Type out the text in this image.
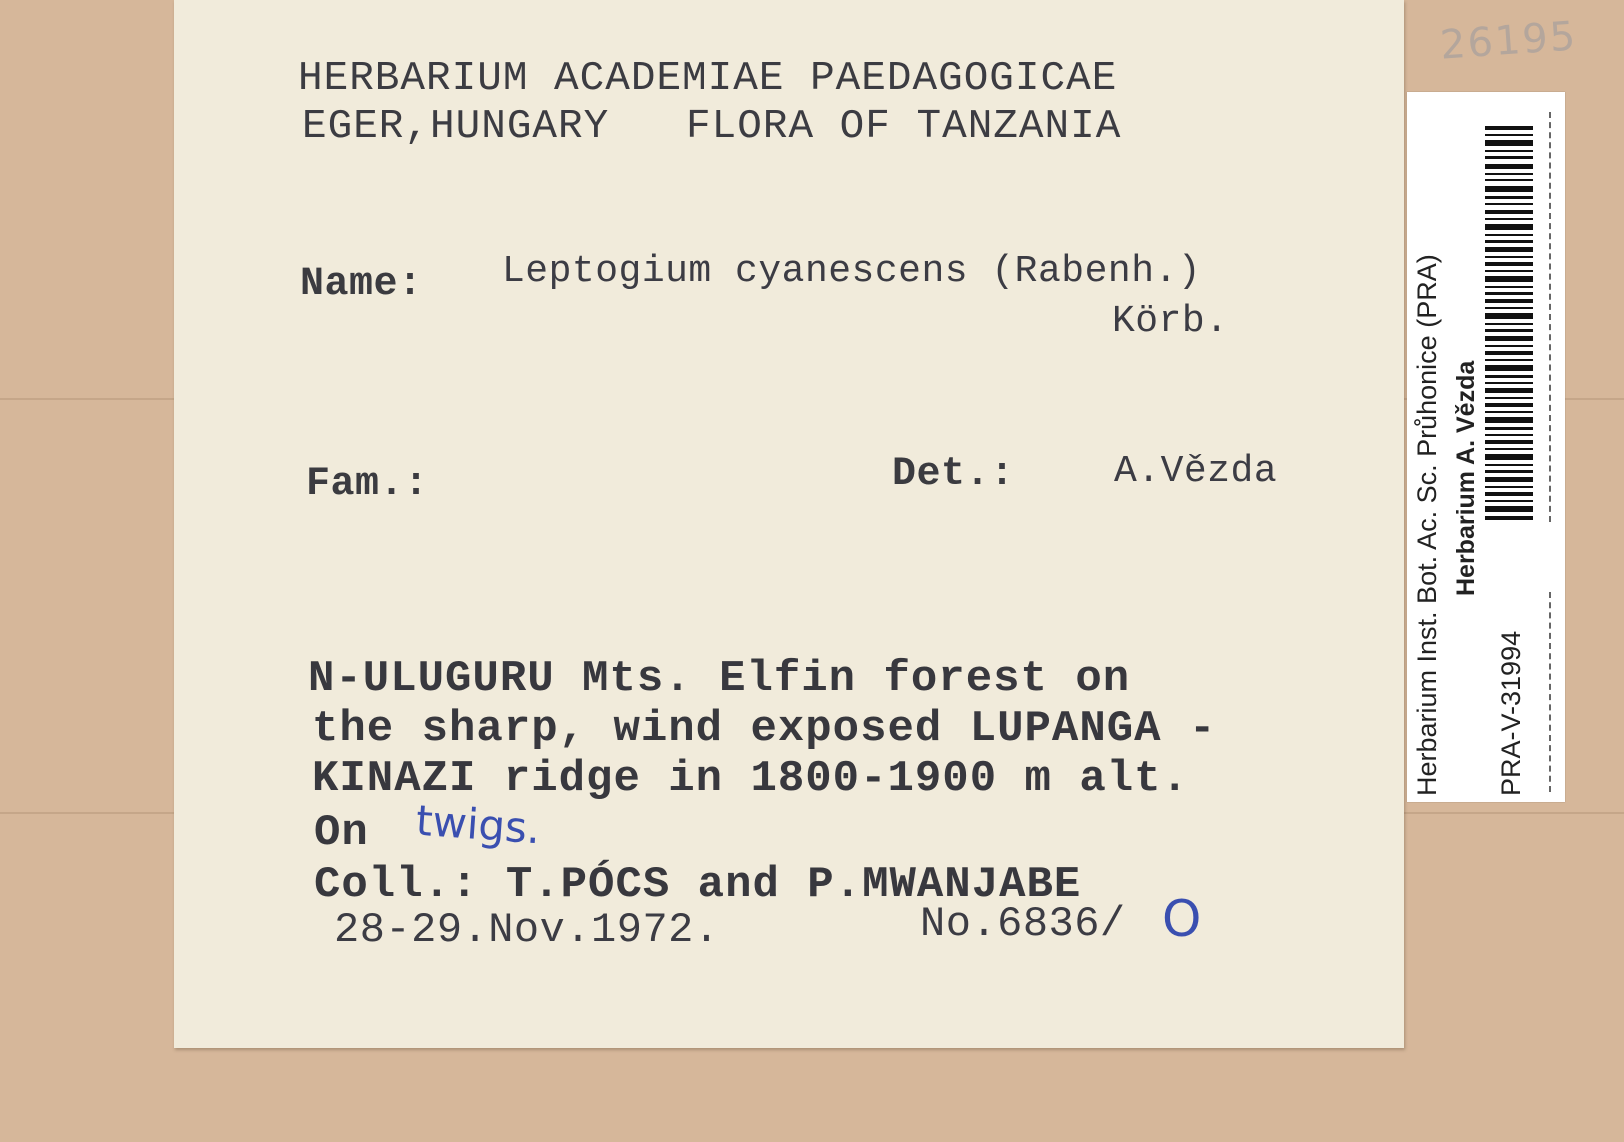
26195
HERBARIUM ACADEMIAE PAEDAGOGICAE
EGER,HUNGARY   FLORA OF TANZANIA
Name: Leptogium cyanescens (Rabenh.)
Körb.
Fam.:	Det.:	A.Vězda
N-ULUGURU Mts. Elfin forest on
the sharp, wind exposed LUPANGA -
KINAZI ridge in 1800-1900 m alt.
On twigs.
Coll.: T.PÓCS and P.MWANJABE
28-29.Nov.1972.	No.6836/ O
Herbarium Inst. Bot. Ac. Sc. Průhonice (PRA) Herbarium A. Vězda
PRA-V-31994
